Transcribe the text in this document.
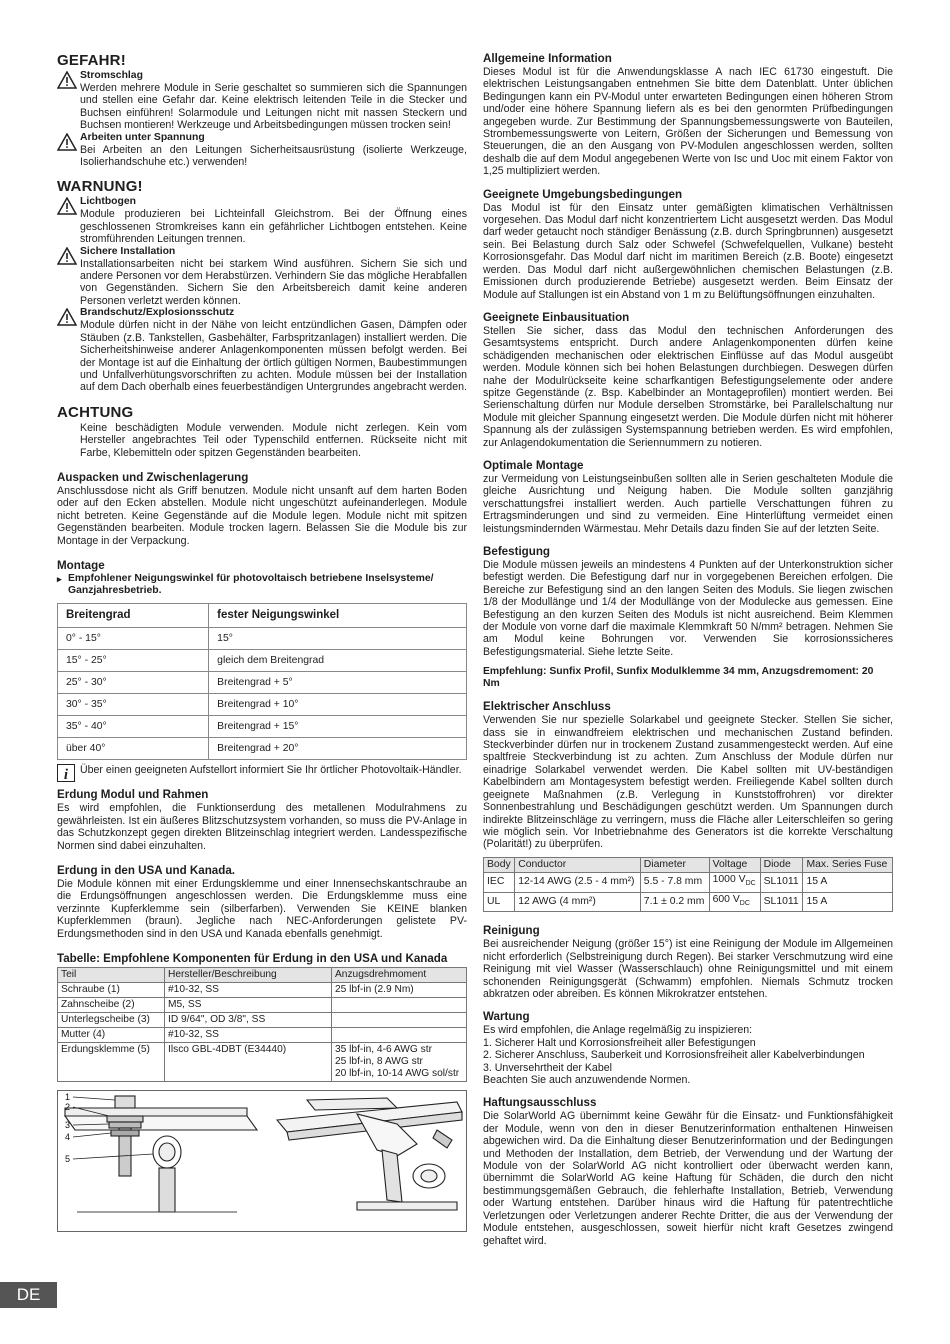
GEFAHR!
Stromschlag

Werden mehrere Module in Serie geschaltet so summieren sich die Spannungen und stellen eine Gefahr dar. Keine elektrisch leitenden Teile in die Stecker und Buchsen einführen! Solarmodule und Leitungen nicht mit nassen Steckern und Buchsen montieren! Werkzeuge und Arbeitsbedingungen müssen trocken sein!

Arbeiten unter Spannung

Bei Arbeiten an den Leitungen Sicherheitsausrüstung (isolierte Werkzeuge, Isolierhandschuhe etc.) verwenden!

WARNUNG!
Lichtbogen

Module produzieren bei Lichteinfall Gleichstrom. Bei der Öffnung eines geschlossenen Stromkreises kann ein gefährlicher Lichtbogen entstehen. Keine stromführenden Leitungen trennen.

Sichere Installation

Installationsarbeiten nicht bei starkem Wind ausführen. Sichern Sie sich und andere Personen vor dem Herabstürzen. Verhindern Sie das mögliche Herabfallen von Gegenständen. Sichern Sie den Arbeitsbereich damit keine anderen Personen verletzt werden können.

Brandschutz/Explosionsschutz

Module dürfen nicht in der Nähe von leicht entzündlichen Gasen, Dämpfen oder Stäuben (z.B. Tankstellen, Gasbehälter, Farbspritzanlagen) installiert werden. Die Sicherheitshinweise anderer Anlagenkomponenten müssen befolgt werden. Bei der Montage ist auf die Einhaltung der örtlich gültigen Normen, Baubestimmungen und Unfallverhütungsvorschriften zu achten. Module müssen bei der Installation auf dem Dach oberhalb eines feuerbeständigen Untergrundes angebracht werden.

ACHTUNG

Keine beschädigten Module verwenden. Module nicht zerlegen. Kein vom Hersteller angebrachtes Teil oder Typenschild entfernen. Rückseite nicht mit Farbe, Klebemitteln oder spitzen Gegenständen bearbeiten.

Auspacken und Zwischenlagerung

Anschlussdose nicht als Griff benutzen. Module nicht unsanft auf dem harten Boden oder auf den Ecken abstellen. Module nicht ungeschützt aufeinanderlegen. Module nicht betreten. Keine Gegenstände auf die Module legen. Module nicht mit spitzen Gegenständen bearbeiten. Module trocken lagern. Belassen Sie die Module bis zur Montage in der Verpackung.

Montage
▸ Empfohlener Neigungswinkel für photovoltaisch betriebene Inselsysteme/ Ganzjahresbetrieb.
Breitengrad	fester Neigungswinkel
0° - 15°	15°
15° - 25°	gleich dem Breitengrad
25° - 30°	Breitengrad + 5°
30° - 35°	Breitengrad + 10°
35° - 40°	Breitengrad + 15°
über 40°	Breitengrad + 20°
i Über einen geeigneten Aufstellort informiert Sie Ihr örtlicher Photovoltaik-Händler.

Erdung Modul und Rahmen

Es wird empfohlen, die Funktionserdung des metallenen Modulrahmens zu gewährleisten. Ist ein äußeres Blitzschutzsystem vorhanden, so muss die PV-Anlage in das Schutzkonzept gegen direkten Blitzeinschlag integriert werden. Landesspezifische Normen sind dabei einzuhalten.

Erdung in den USA und Kanada.

Die Module können mit einer Erdungsklemme und einer Innensechskantschraube an die Erdungsöffnungen angeschlossen werden. Die Erdungsklemme muss eine verzinnte Kupferklemme sein (silberfarben). Verwenden Sie KEINE blanken Kupferklemmen (braun). Jegliche nach NEC-Anforderungen gelistete PV-Erdungsmethoden sind in den USA und Kanada ebenfalls genehmigt.

Tabelle: Empfohlene Komponenten für Erdung in den USA und Kanada
Teil	Hersteller/Beschreibung	Anzugsdrehmoment
Schraube (1)	#10-32, SS	25 lbf-in (2.9 Nm)
Zahnscheibe (2)	M5, SS	
Unterlegscheibe (3)	ID 9/64", OD 3/8", SS	
Mutter (4)	#10-32, SS	
Erdungsklemme (5)	Ilsco GBL-4DBT (E34440)	35 lbf-in, 4-6 AWG str
25 lbf-in, 8 AWG str
20 lbf-in, 10-14 AWG sol/str
1
2
3
4
5
Allgemeine Information

Dieses Modul ist für die Anwendungsklasse A nach IEC 61730 eingestuft. Die elektrischen Leistungsangaben entnehmen Sie bitte dem Datenblatt. Unter üblichen Bedingungen kann ein PV-Modul unter erwarteten Bedingungen einen höheren Strom und/oder eine höhere Spannung liefern als es bei den genormten Prüfbedingungen angegeben wurde. Zur Bestimmung der Spannungsbemessungswerte von Bauteilen, Strombemessungswerte von Leitern, Größen der Sicherungen und Bemessung von Steuerungen, die an den Ausgang von PV-Modulen angeschlossen werden, sollten deshalb die auf dem Modul angegebenen Werte von Isc und Uoc mit einem Faktor von 1,25 multipliziert werden.

Geeignete Umgebungsbedingungen

Das Modul ist für den Einsatz unter gemäßigten klimatischen Verhältnissen vorgesehen. Das Modul darf nicht konzentriertem Licht ausgesetzt werden. Das Modul darf weder getaucht noch ständiger Benässung (z.B. durch Springbrunnen) ausgesetzt sein. Bei Belastung durch Salz oder Schwefel (Schwefelquellen, Vulkane) besteht Korrosionsgefahr. Das Modul darf nicht im maritimen Bereich (z.B. Boote) eingesetzt werden. Das Modul darf nicht außergewöhnlichen chemischen Belastungen (z.B. Emissionen durch produzierende Betriebe) ausgesetzt werden. Beim Einsatz der Module auf Stallungen ist ein Abstand von 1 m zu Belüftungsöffnungen einzuhalten.

Geeignete Einbausituation

Stellen Sie sicher, dass das Modul den technischen Anforderungen des Gesamtsystems entspricht. Durch andere Anlagenkomponenten dürfen keine schädigenden mechanischen oder elektrischen Einflüsse auf das Modul ausgeübt werden. Module können sich bei hohen Belastungen durchbiegen. Deswegen dürfen nahe der Modulrückseite keine scharfkantigen Befestigungselemente oder andere spitze Gegenstände (z. Bsp. Kabelbinder an Montageprofilen) montiert werden. Bei Serienschaltung dürfen nur Module derselben Stromstärke, bei Parallelschaltung nur Module mit gleicher Spannung eingesetzt werden. Die Module dürfen nicht mit höherer Spannung als der zulässigen Systemspannung betrieben werden. Es wird empfohlen, zur Anlagendokumentation die Seriennummern zu notieren.

Optimale Montage

zur Vermeidung von Leistungseinbußen sollten alle in Serien geschalteten Module die gleiche Ausrichtung und Neigung haben. Die Module sollten ganzjährig verschattungsfrei installiert werden. Auch partielle Verschattungen führen zu Ertragsminderungen und sind zu vermeiden. Eine Hinterlüftung vermeidet einen leistungsmindernden Wärmestau. Mehr Details dazu finden Sie auf der letzten Seite.

Befestigung

Die Module müssen jeweils an mindestens 4 Punkten auf der Unterkonstruktion sicher befestigt werden. Die Befestigung darf nur in vorgegebenen Bereichen erfolgen. Die Bereiche zur Befestigung sind an den langen Seiten des Moduls. Sie liegen zwischen 1/8 der Modullänge und 1/4 der Modullänge von der Modulecke aus gemessen. Eine Befestigung an den kurzen Seiten des Moduls ist nicht ausreichend. Beim Klemmen der Module von vorne darf die maximale Klemmkraft 50 N/mm² betragen. Nehmen Sie am Modul keine Bohrungen vor. Verwenden Sie korrosionssicheres Befestigungsmaterial. Siehe letzte Seite.

Empfehlung: Sunfix Profil, Sunfix Modulklemme 34 mm, Anzugsdremoment: 20 Nm
Elektrischer Anschluss

Verwenden Sie nur spezielle Solarkabel und geeignete Stecker. Stellen Sie sicher, dass sie in einwandfreiem elektrischen und mechanischen Zustand befinden. Steckverbinder dürfen nur in trockenem Zustand zusammengesteckt werden. Auf eine spaltfreie Steckverbindung ist zu achten. Zum Anschluss der Module dürfen nur einadrige Solarkabel verwendet werden. Die Kabel sollten mit UV-beständigen Kabelbindern am Montagesystem befestigt werden. Freiliegende Kabel sollten durch geeignete Maßnahmen (z.B. Verlegung in Kunststoffrohren) vor direkter Sonnenbestrahlung und Beschädigungen geschützt werden. Um Spannungen durch indirekte Blitzeinschläge zu verringern, muss die Fläche aller Leiterschleifen so gering wie möglich sein. Vor Inbetriebnahme des Generators ist die korrekte Verschaltung (Polarität!) zu überprüfen.

Body	Conductor	Diameter	Voltage	Diode	Max. Series Fuse
IEC	12-14 AWG (2.5 - 4 mm²)	5.5 - 7.8 mm	1000 $V_{DC}$	SL1011	15 A
UL	12 AWG (4 mm²)	7.1 ± 0.2 mm	600 $V_{DC}$	SL1011	15 A
Reinigung

Bei ausreichender Neigung (größer 15°) ist eine Reinigung der Module im Allgemeinen nicht erforderlich (Selbstreinigung durch Regen). Bei starker Verschmutzung wird eine Reinigung mit viel Wasser (Wasserschlauch) ohne Reinigungsmittel und mit einem schonenden Reinigungsgerät (Schwamm) empfohlen. Niemals Schmutz trocken abkratzen oder abreiben. Es können Mikrokratzer entstehen.

Wartung

Es wird empfohlen, die Anlage regelmäßig zu inspizieren:

1. Sicherer Halt und Korrosionsfreiheit aller Befestigungen

2. Sicherer Anschluss, Sauberkeit und Korrosionsfreiheit aller Kabelverbindungen

3. Unversehrtheit der Kabel

Beachten Sie auch anzuwendende Normen.

Haftungsausschluss

Die SolarWorld AG übernimmt keine Gewähr für die Einsatz- und Funktionsfähigkeit der Module, wenn von den in dieser Benutzerinformation enthaltenen Hinweisen abgewichen wird. Da die Einhaltung dieser Benutzerinformation und der Bedingungen und Methoden der Installation, dem Betrieb, der Verwendung und der Wartung der Module von der SolarWorld AG nicht kontrolliert oder überwacht werden kann, übernimmt die SolarWorld AG keine Haftung für Schäden, die durch den nicht bestimmungsgemäßen Gebrauch, die fehlerhafte Installation, Betrieb, Verwendung oder Wartung entstehen. Darüber hinaus wird die Haftung für patentrechtliche Verletzungen oder Verletzungen anderer Rechte Dritter, die aus der Verwendung der Module entstehen, ausgeschlossen, soweit hierfür nicht kraft Gesetzes zwingend gehaftet wird.

DE
